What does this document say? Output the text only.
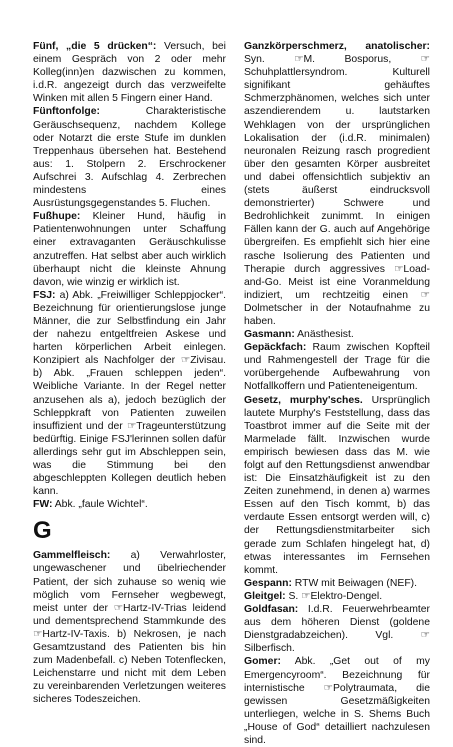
Fünf, „die 5 drücken“: Versuch, bei einem Gespräch von 2 oder mehr Kolleg(inn)en dazwischen zu kommen, i.d.R. angezeigt durch das verzweifelte Winken mit allen 5 Fingern einer Hand.

Fünftonfolge: Charakteristische Geräuschsequenz, nachdem Kollege oder Notarzt die erste Stufe im dunklen Treppenhaus übersehen hat. Bestehend aus: 1. Stolpern 2. Erschrockener Aufschrei 3. Aufschlag 4. Zerbrechen mindestens eines Ausrüstungsgegenstandes 5. Fluchen.

Fußhupe: Kleiner Hund, häufig in Patientenwohnungen unter Schaffung einer extravaganten Geräuschkulisse anzutreffen. Hat selbst aber auch wirklich überhaupt nicht die kleinste Ahnung davon, wie winzig er wirklich ist.

FSJ: a) Abk. „Freiwilliger Schleppjocker“. Bezeichnung für orientierungslose junge Männer, die zur Selbstfindung ein Jahr der nahezu entgeltfreien Askese und harten körperlichen Arbeit einlegen. Konzipiert als Nachfolger der ☞Zivisau. b) Abk. „Frauen schleppen jeden“. Weibliche Variante. In der Regel netter anzusehen als a), jedoch bezüglich der Schleppkraft von Patienten zuweilen insuffizient und der ☞Trageunterstützung bedürftig. Einige FSJ'lerinnen sollen dafür allerdings sehr gut im Abschleppen sein, was die Stimmung bei den abgeschleppten Kollegen deutlich heben kann.

FW: Abk. „faule Wichtel“.

G

Gammelfleisch: a) Verwahrloster, ungewaschener und übelriechender Patient, der sich zuhause so weniq wie möglich vom Fernseher wegbewegt, meist unter der ☞Hartz-IV-Trias leidend und dementsprechend Stammkunde des ☞Hartz-IV-Taxis. b) Nekrosen, je nach Gesamtzustand des Patienten bis hin zum Madenbefall. c) Neben Totenflecken, Leichenstarre und nicht mit dem Leben zu vereinbarenden Verletzungen weiteres sicheres Todeszeichen.

Ganzkörperschmerz, anatolischer: Syn. ☞M. Bosporus, ☞Schuhplattlersyndrom. Kulturell signifikant gehäuftes Schmerzphänomen, welches sich unter aszendierendem u. lautstarken Wehklagen von der ursprünglichen Lokalisation der (i.d.R. minimalen) neuronalen Reizung rasch progredient über den gesamten Körper ausbreitet und dabei offensichtlich subjektiv an (stets äußerst eindrucksvoll demonstrierter) Schwere und Bedrohlichkeit zunimmt. In einigen Fällen kann der G. auch auf Angehörige übergreifen. Es empfiehlt sich hier eine rasche Isolierung des Patienten und Therapie durch aggressives ☞Load-and-Go. Meist ist eine Voranmeldung indiziert, um rechtzeitig einen ☞Dolmetscher in der Notaufnahme zu haben.

Gasmann: Anästhesist.

Gepäckfach: Raum zwischen Kopfteil und Rahmengestell der Trage für die vorübergehende Aufbewahrung von Notfallkoffern und Patienteneigentum.

Gesetz, murphy'sches. Ursprünglich lautete Murphy's Feststellung, dass das Toastbrot immer auf die Seite mit der Marmelade fällt. Inzwischen wurde empirisch bewiesen dass das M. wie folgt auf den Rettungsdienst anwendbar ist: Die Einsatzhäufigkeit ist zu den Zeiten zunehmend, in denen a) warmes Essen auf den Tisch kommt, b) das verdaute Essen entsorgt werden will, c) der Rettungsdienstmitarbeiter sich gerade zum Schlafen hingelegt hat, d) etwas interessantes im Fernsehen kommt.

Gespann: RTW mit Beiwagen (NEF).

Gleitgel: S. ☞Elektro-Dengel.

Goldfasan: I.d.R. Feuerwehrbeamter aus dem höheren Dienst (goldene Dienstgradabzeichen). Vgl. ☞Silberfisch.

Gomer: Abk. „Get out of my Emergencyroom“. Bezeichnung für internistische ☞Polytraumata, die gewissen Gesetzmäßigkeiten unterliegen, welche in S. Shems Buch „House of God“ detailliert nachzulesen sind.
